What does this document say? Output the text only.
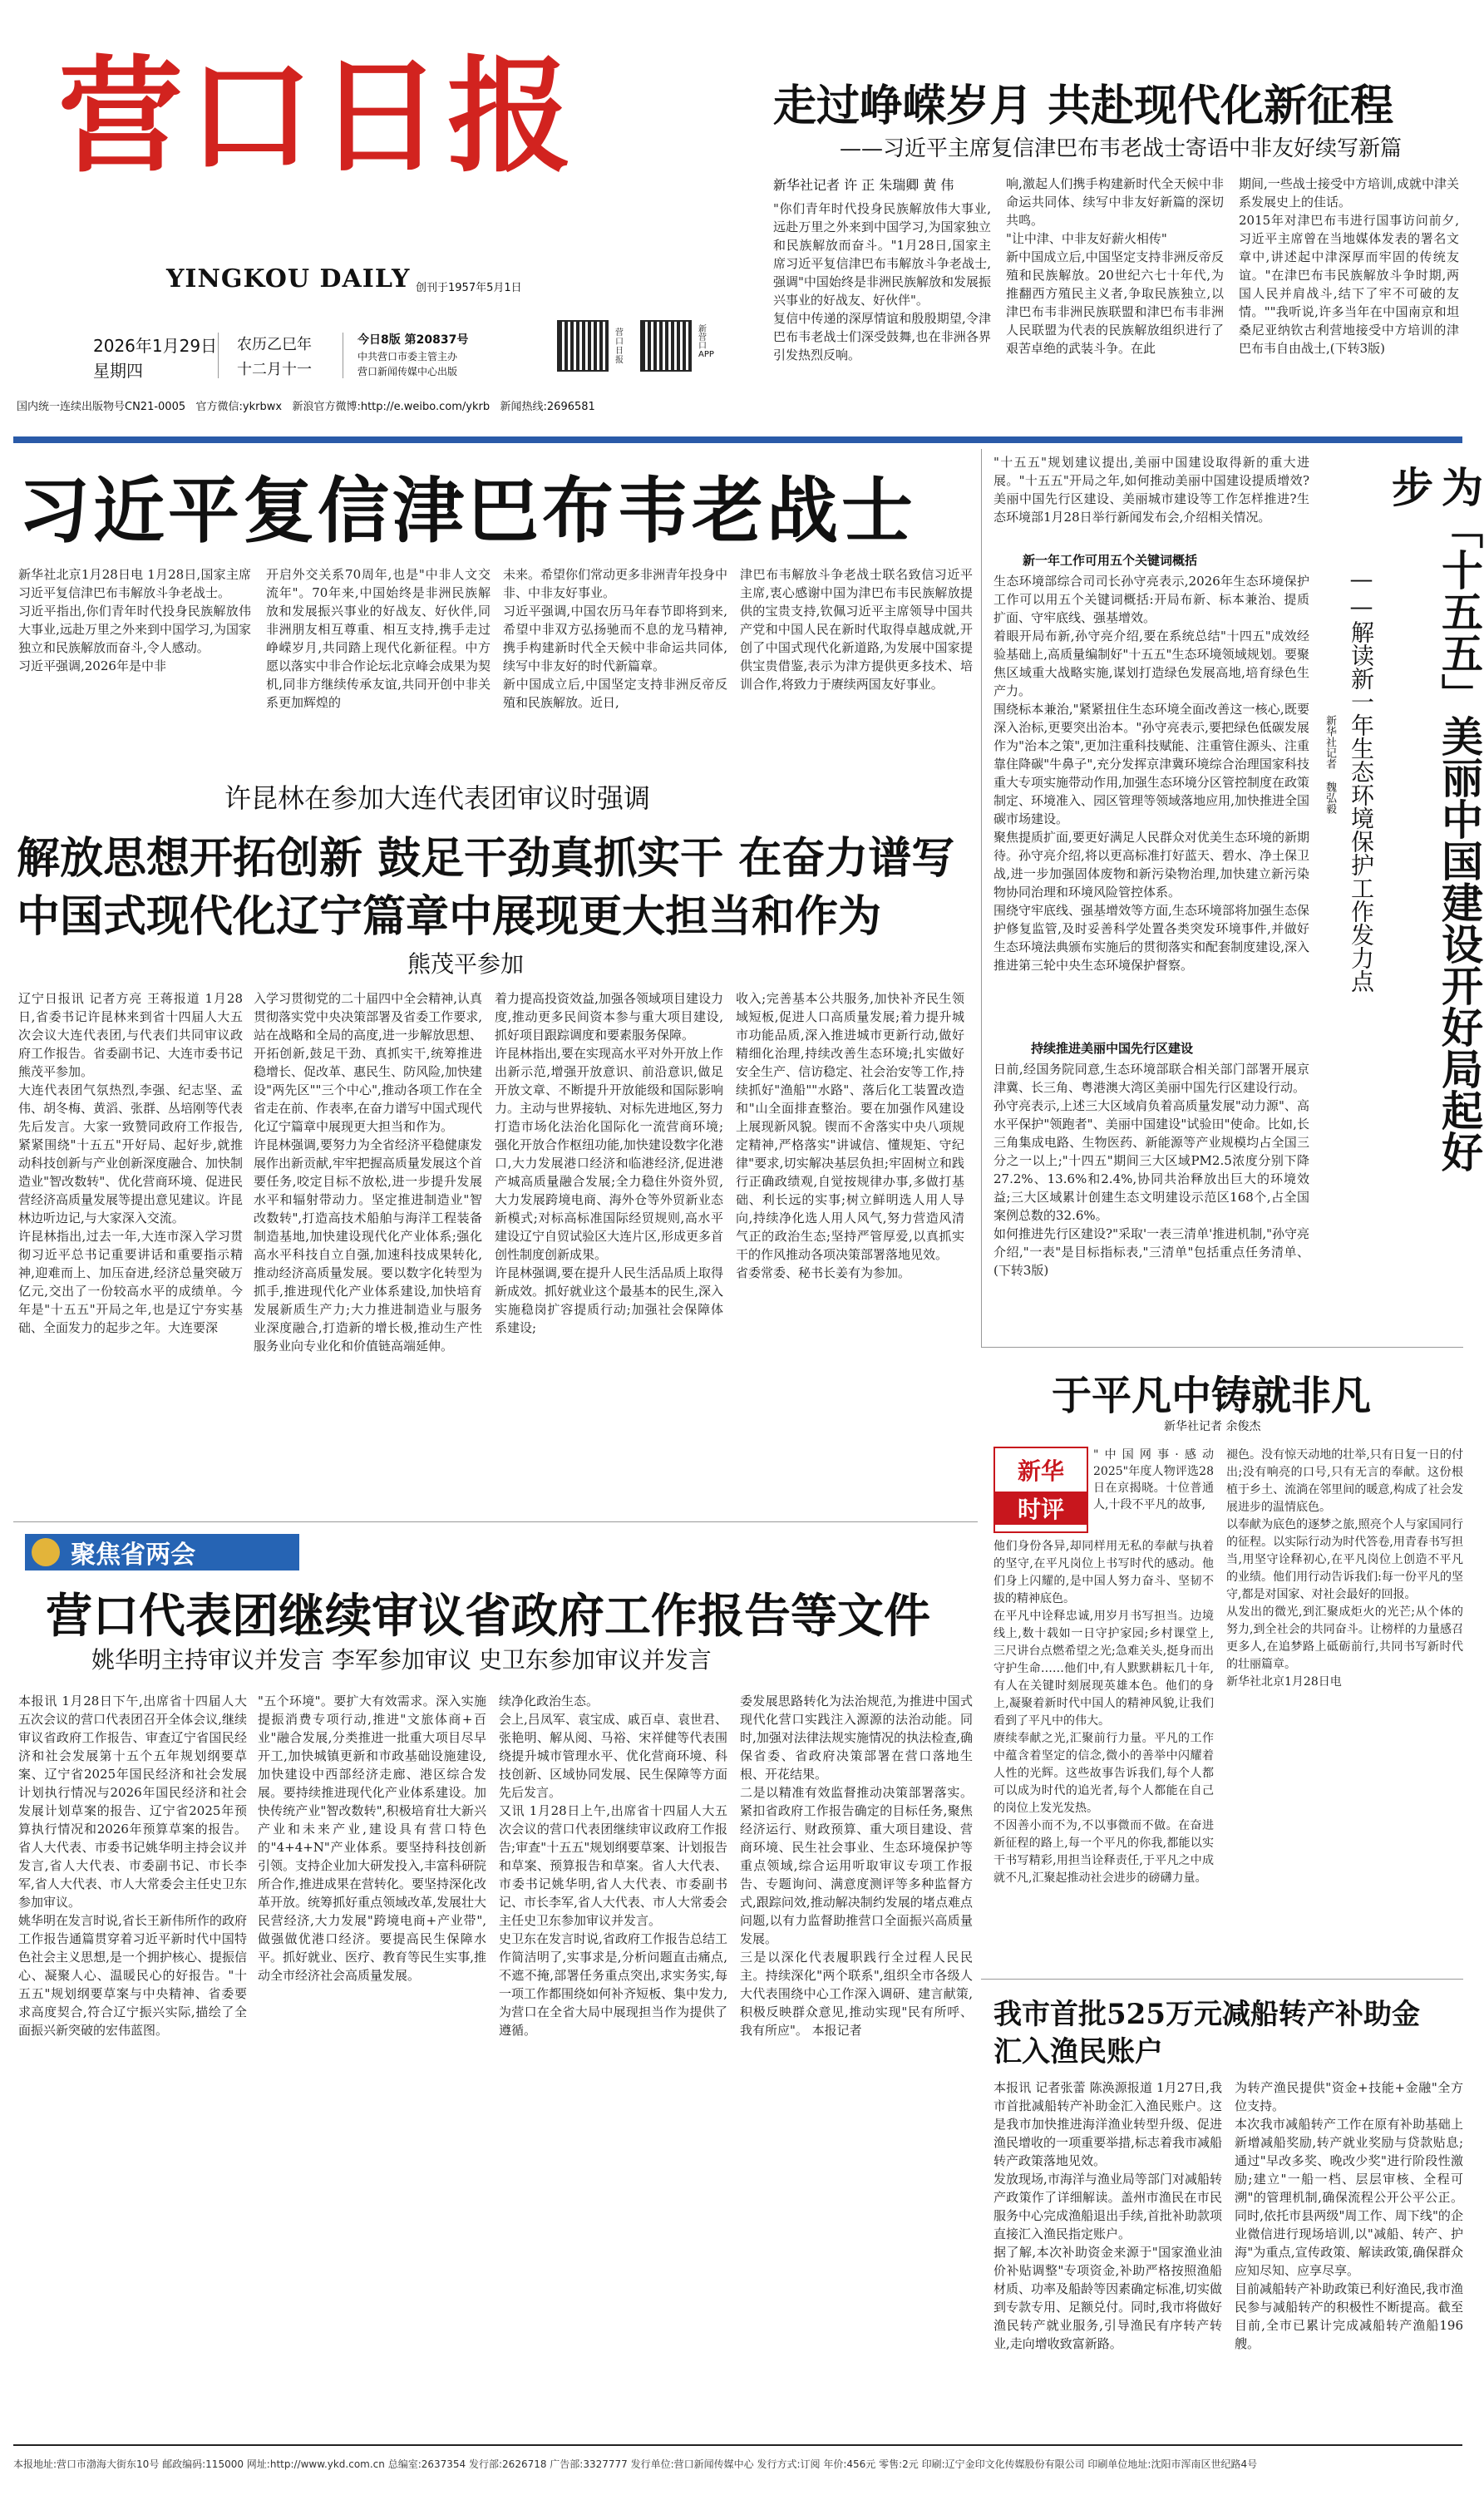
营口日报
YINGKOU DAILY 创刊于1957年5月1日
2026年1月29日
星期四
农历乙巳年
十二月十一
今日8版 第20837号
中共营口市委主管主办
营口新闻传媒中心出版
营口日报
新营口APP
国内统一连续出版物号CN21-0005 官方微信:ykrbwx 新浪官方微博:http://e.weibo.com/ykrb 新闻热线:2696581
走过峥嵘岁月 共赴现代化新征程
——习近平主席复信津巴布韦老战士寄语中非友好续写新篇
新华社记者 许 正 朱瑞卿 黄 伟
"你们青年时代投身民族解放伟大事业,远赴万里之外来到中国学习,为国家独立和民族解放而奋斗。"1月28日,国家主席习近平复信津巴布韦解放斗争老战士,强调"中国始终是非洲民族解放和发展振兴事业的好战友、好伙伴"。
复信中传递的深厚情谊和殷殷期望,令津巴布韦老战士们深受鼓舞,也在非洲各界引发热烈反响。
响,激起人们携手构建新时代全天候中非命运共同体、续写中非友好新篇的深切共鸣。
"让中津、中非友好薪火相传"
新中国成立后,中国坚定支持非洲反帝反殖和民族解放。20世纪六七十年代,为推翻西方殖民主义者,争取民族独立,以津巴布韦非洲民族联盟和津巴布韦非洲人民联盟为代表的民族解放组织进行了艰苦卓绝的武装斗争。在此
期间,一些战士接受中方培训,成就中津关系发展史上的佳话。
2015年对津巴布韦进行国事访问前夕,习近平主席曾在当地媒体发表的署名文章中,讲述起中津深厚而牢固的传统友谊。"在津巴布韦民族解放斗争时期,两国人民并肩战斗,结下了牢不可破的友情。""我听说,许多当年在中国南京和坦桑尼亚纳钦古利营地接受中方培训的津巴布韦自由战士,(下转3版)
习近平复信津巴布韦老战士
新华社北京1月28日电 1月28日,国家主席习近平复信津巴布韦解放斗争老战士。
习近平指出,你们青年时代投身民族解放伟大事业,远赴万里之外来到中国学习,为国家独立和民族解放而奋斗,令人感动。
习近平强调,2026年是中非
开启外交关系70周年,也是"中非人文交流年"。70年来,中国始终是非洲民族解放和发展振兴事业的好战友、好伙伴,同非洲朋友相互尊重、相互支持,携手走过峥嵘岁月,共同踏上现代化新征程。中方愿以落实中非合作论坛北京峰会成果为契机,同非方继续传承友谊,共同开创中非关系更加辉煌的
未来。希望你们常动更多非洲青年投身中非、中非友好事业。
习近平强调,中国农历马年春节即将到来,希望中非双方弘扬驰而不息的龙马精神,携手构建新时代全天候中非命运共同体,续写中非友好的时代新篇章。
新中国成立后,中国坚定支持非洲反帝反殖和民族解放。近日,
津巴布韦解放斗争老战士联名致信习近平主席,衷心感谢中国为津巴布韦民族解放提供的宝贵支持,钦佩习近平主席领导中国共产党和中国人民在新时代取得卓越成就,开创了中国式现代化新道路,为发展中国家提供宝贵借鉴,表示为津方提供更多技术、培训合作,将致力于赓续两国友好事业。
许昆林在参加大连代表团审议时强调
解放思想开拓创新 鼓足干劲真抓实干 在奋力谱写
中国式现代化辽宁篇章中展现更大担当和作为
熊茂平参加
辽宁日报讯 记者方亮 王蒋报道 1月28日,省委书记许昆林来到省十四届人大五次会议大连代表团,与代表们共同审议政府工作报告。省委副书记、大连市委书记熊茂平参加。
大连代表团气氛热烈,李强、纪志坚、孟伟、胡冬梅、黄滔、张群、丛培刚等代表先后发言。大家一致赞同政府工作报告,紧紧围绕"十五五"开好局、起好步,就推动科技创新与产业创新深度融合、加快制造业"智改数转"、优化营商环境、促进民营经济高质量发展等提出意见建议。许昆林边听边记,与大家深入交流。
许昆林指出,过去一年,大连市深入学习贯彻习近平总书记重要讲话和重要指示精神,迎难而上、加压奋进,经济总量突破万亿元,交出了一份较高水平的成绩单。今年是"十五五"开局之年,也是辽宁夯实基础、全面发力的起步之年。大连要深
入学习贯彻党的二十届四中全会精神,认真贯彻落实党中央决策部署及省委工作要求,站在战略和全局的高度,进一步解放思想、开拓创新,鼓足干劲、真抓实干,统筹推进稳增长、促改革、惠民生、防风险,加快建设"两先区""三个中心",推动各项工作在全省走在前、作表率,在奋力谱写中国式现代化辽宁篇章中展现更大担当和作为。
许昆林强调,要努力为全省经济平稳健康发展作出新贡献,牢牢把握高质量发展这个首要任务,咬定目标不放松,进一步提升发展水平和辐射带动力。坚定推进制造业"智改数转",打造高技术船舶与海洋工程装备制造基地,加快建设现代化产业体系;强化高水平科技自立自强,加速科技成果转化,推动经济高质量发展。要以数字化转型为抓手,推进现代化产业体系建设,加快培育发展新质生产力;大力推进制造业与服务业深度融合,打造新的增长极,推动生产性服务业向专业化和价值链高端延伸。
着力提高投资效益,加强各领域项目建设力度,推动更多民间资本参与重大项目建设,抓好项目跟踪调度和要素服务保障。
许昆林指出,要在实现高水平对外开放上作出新示范,增强开放意识、前沿意识,做足开放文章、不断提升开放能级和国际影响力。主动与世界接轨、对标先进地区,努力打造市场化法治化国际化一流营商环境;强化开放合作枢纽功能,加快建设数字化港口,大力发展港口经济和临港经济,促进港产城高质量融合发展;全力稳住外资外贸,大力发展跨境电商、海外仓等外贸新业态新模式;对标高标准国际经贸规则,高水平建设辽宁自贸试验区大连片区,形成更多首创性制度创新成果。
许昆林强调,要在提升人民生活品质上取得新成效。抓好就业这个最基本的民生,深入实施稳岗扩容提质行动;加强社会保障体系建设;
收入;完善基本公共服务,加快补齐民生领域短板,促进人口高质量发展;着力提升城市功能品质,深入推进城市更新行动,做好精细化治理,持续改善生态环境;扎实做好安全生产、信访稳定、社会治安等工作,持续抓好"渔船""水路"、落后化工装置改造和"山全面排查整治。要在加强作风建设上展现新风貌。锲而不舍落实中央八项规定精神,严格落实"讲诚信、懂规矩、守纪律"要求,切实解决基层负担;牢固树立和践行正确政绩观,自觉按规律办事,多做打基础、利长远的实事;树立鲜明选人用人导向,持续净化选人用人风气,努力营造风清气正的政治生态;坚持严管厚爱,以真抓实干的作风推动各项决策部署落地见效。
省委常委、秘书长姜有为参加。
"十五五"规划建议提出,美丽中国建设取得新的重大进展。"十五五"开局之年,如何推动美丽中国建设提质增效?美丽中国先行区建设、美丽城市建设等工作怎样推进?生态环境部1月28日举行新闻发布会,介绍相关情况。
新一年工作可用五个关键词概括
生态环境部综合司司长孙守亮表示,2026年生态环境保护工作可以用五个关键词概括:开局布新、标本兼治、提质扩面、守牢底线、强基增效。
着眼开局布新,孙守亮介绍,要在系统总结"十四五"成效经验基础上,高质量编制好"十五五"生态环境领域规划。要聚焦区域重大战略实施,谋划打造绿色发展高地,培育绿色生产力。
围绕标本兼治,"紧紧扭住生态环境全面改善这一核心,既要深入治标,更要突出治本。"孙守亮表示,要把绿色低碳发展作为"治本之策",更加注重科技赋能、注重管住源头、注重靠住降碳"牛鼻子",充分发挥京津冀环境综合治理国家科技重大专项实施带动作用,加强生态环境分区管控制度在政策制定、环境准入、园区管理等领域落地应用,加快推进全国碳市场建设。
聚焦提质扩面,要更好满足人民群众对优美生态环境的新期待。孙守亮介绍,将以更高标准打好蓝天、碧水、净土保卫战,进一步加强固体废物和新污染物治理,加快建立新污染物协同治理和环境风险管控体系。
围绕守牢底线、强基增效等方面,生态环境部将加强生态保护修复监管,及时妥善科学处置各类突发环境事件,并做好生态环境法典颁布实施后的贯彻落实和配套制度建设,深入推进第三轮中央生态环境保护督察。
持续推进美丽中国先行区建设
日前,经国务院同意,生态环境部联合相关部门部署开展京津冀、长三角、粤港澳大湾区美丽中国先行区建设行动。
孙守亮表示,上述三大区域肩负着高质量发展"动力源"、高水平保护"领跑者"、美丽中国建设"试验田"使命。比如,长三角集成电路、生物医药、新能源等产业规模均占全国三分之一以上;"十四五"期间三大区域PM2.5浓度分别下降27.2%、13.6%和2.4%,协同共治释放出巨大的环境效益;三大区域累计创建生态文明建设示范区168个,占全国案例总数的32.6%。
如何推进先行区建设?"采取'一表三清单'推进机制,"孙守亮介绍,"一表"是目标指标表,"三清单"包括重点任务清单、(下转3版)
为「十五五」美丽中国建设开好局起好步
——解读新一年生态环境保护工作发力点
新华社记者 魏弘毅
于平凡中铸就非凡
新华社记者 余俊杰
新华
时评
"中国网事·感动2025"年度人物评选28日在京揭晓。十位普通人,十段不平凡的故事,
他们身份各异,却同样用无私的奉献与执着的坚守,在平凡岗位上书写时代的感动。他们身上闪耀的,是中国人努力奋斗、坚韧不拔的精神底色。
在平凡中诠释忠诚,用岁月书写担当。边境线上,数十载如一日守护家园;乡村课堂上,三尺讲台点燃希望之光;急难关头,挺身而出守护生命……他们中,有人默默耕耘几十年,有人在关键时刻展现英雄本色。他们的身上,凝聚着新时代中国人的精神风貌,让我们看到了平凡中的伟大。
赓续奉献之光,汇聚前行力量。平凡的工作中蕴含着坚定的信念,微小的善举中闪耀着人性的光辉。这些故事告诉我们,每个人都可以成为时代的追光者,每个人都能在自己的岗位上发光发热。
不因善小而不为,不以事微而不做。在奋进新征程的路上,每一个平凡的你我,都能以实干书写精彩,用担当诠释责任,于平凡之中成就不凡,汇聚起推动社会进步的磅礴力量。
褪色。没有惊天动地的壮举,只有日复一日的付出;没有响亮的口号,只有无言的奉献。这份根植于乡土、流淌在邻里间的暖意,构成了社会发展进步的温情底色。
以奉献为底色的逐梦之旅,照亮个人与家国同行的征程。以实际行动为时代答卷,用青春书写担当,用坚守诠释初心,在平凡岗位上创造不平凡的业绩。他们用行动告诉我们:每一份平凡的坚守,都是对国家、对社会最好的回报。
从发出的微光,到汇聚成炬火的光芒;从个体的努力,到全社会的共同奋斗。让榜样的力量感召更多人,在追梦路上砥砺前行,共同书写新时代的壮丽篇章。
新华社北京1月28日电
聚焦省两会
营口代表团继续审议省政府工作报告等文件
姚华明主持审议并发言 李军参加审议 史卫东参加审议并发言
本报讯 1月28日下午,出席省十四届人大五次会议的营口代表团召开全体会议,继续审议省政府工作报告、审查辽宁省国民经济和社会发展第十五个五年规划纲要草案、辽宁省2025年国民经济和社会发展计划执行情况与2026年国民经济和社会发展计划草案的报告、辽宁省2025年预算执行情况和2026年预算草案的报告。省人大代表、市委书记姚华明主持会议并发言,省人大代表、市委副书记、市长李军,省人大代表、市人大常委会主任史卫东参加审议。
姚华明在发言时说,省长王新伟所作的政府工作报告通篇贯穿着习近平新时代中国特色社会主义思想,是一个拥护核心、提振信心、凝聚人心、温暖民心的好报告。"十五五"规划纲要草案与中央精神、省委要求高度契合,符合辽宁振兴实际,描绘了全面振兴新突破的宏伟蓝图。
"五个环境"。要扩大有效需求。深入实施提振消费专项行动,推进"文旅体商+百业"融合发展,分类推进一批重大项目尽早开工,加快城镇更新和市政基础设施建设,加快建设中西部经济走廊、港区综合发展。要持续推进现代化产业体系建设。加快传统产业"智改数转",积极培育壮大新兴产业和未来产业,建设具有营口特色的"4+4+N"产业体系。要坚持科技创新引领。支持企业加大研发投入,丰富科研院所合作,推进成果在营转化。要坚持深化改革开放。统筹抓好重点领域改革,发展壮大民营经济,大力发展"跨境电商+产业带",做强做优港口经济。要提高民生保障水平。抓好就业、医疗、教育等民生实事,推动全市经济社会高质量发展。
续净化政治生态。
会上,吕凤军、袁宝成、戚百卓、袁世君、张艳明、解从阅、马裕、宋祥健等代表围绕提升城市管理水平、优化营商环境、科技创新、区域协同发展、民生保障等方面先后发言。
又讯 1月28日上午,出席省十四届人大五次会议的营口代表团继续审议政府工作报告;审查"十五五"规划纲要草案、计划报告和草案、预算报告和草案。省人大代表、市委书记姚华明,省人大代表、市委副书记、市长李军,省人大代表、市人大常委会主任史卫东参加审议并发言。
史卫东在发言时说,省政府工作报告总结工作简洁明了,实事求是,分析问题直击痛点,不遮不掩,部署任务重点突出,求实务实,每一项工作都围绕如何补齐短板、集中发力,为营口在全省大局中展现担当作为提供了遵循。
委发展思路转化为法治规范,为推进中国式现代化营口实践注入源源的法治动能。同时,加强对法律法规实施情况的执法检查,确保省委、省政府决策部署在营口落地生根、开花结果。
二是以精准有效监督推动决策部署落实。紧扣省政府工作报告确定的目标任务,聚焦经济运行、财政预算、重大项目建设、营商环境、民生社会事业、生态环境保护等重点领域,综合运用听取审议专项工作报告、专题询问、满意度测评等多种监督方式,跟踪问效,推动解决制约发展的堵点难点问题,以有力监督助推营口全面振兴高质量发展。
三是以深化代表履职践行全过程人民民主。持续深化"两个联系",组织全市各级人大代表围绕中心工作深入调研、建言献策,积极反映群众意见,推动实现"民有所呼、我有所应"。 本报记者	我市首批525万元减船转产补助金
汇入渔民账户
本报讯 记者张蕾 陈涣源报道 1月27日,我市首批减船转产补助金汇入渔民账户。这是我市加快推进海洋渔业转型升级、促进渔民增收的一项重要举措,标志着我市减船转产政策落地见效。
发放现场,市海洋与渔业局等部门对减船转产政策作了详细解读。盖州市渔民在市民服务中心完成渔船退出手续,首批补助款项直接汇入渔民指定账户。
据了解,本次补助资金来源于"国家渔业油价补贴调整"专项资金,补助严格按照渔船材质、功率及船龄等因素确定标准,切实做到专款专用、足额兑付。同时,我市将做好渔民转产就业服务,引导渔民有序转产转业,走向增收致富新路。
为转产渔民提供"资金+技能+金融"全方位支持。
本次我市减船转产工作在原有补助基础上新增减船奖励,转产就业奖励与贷款贴息;通过"早改多奖、晚改少奖"进行阶段性激励;建立"一船一档、层层审核、全程可溯"的管理机制,确保流程公开公平公正。同时,依托市县两级"周工作、周下线"的企业微信进行现场培训,以"减船、转产、护海"为重点,宣传政策、解读政策,确保群众应知尽知、应享尽享。
目前减船转产补助政策已利好渔民,我市渔民参与减船转产的积极性不断提高。截至目前,全市已累计完成减船转产渔船196艘。
本报地址:营口市渤海大街东10号 邮政编码:115000 网址:http://www.ykd.com.cn 总编室:2637354 发行部:2626718 广告部:3327777 发行单位:营口新闻传媒中心 发行方式:订阅 年价:456元 零售:2元 印刷:辽宁金印文化传媒股份有限公司 印刷单位地址:沈阳市浑南区世纪路4号
